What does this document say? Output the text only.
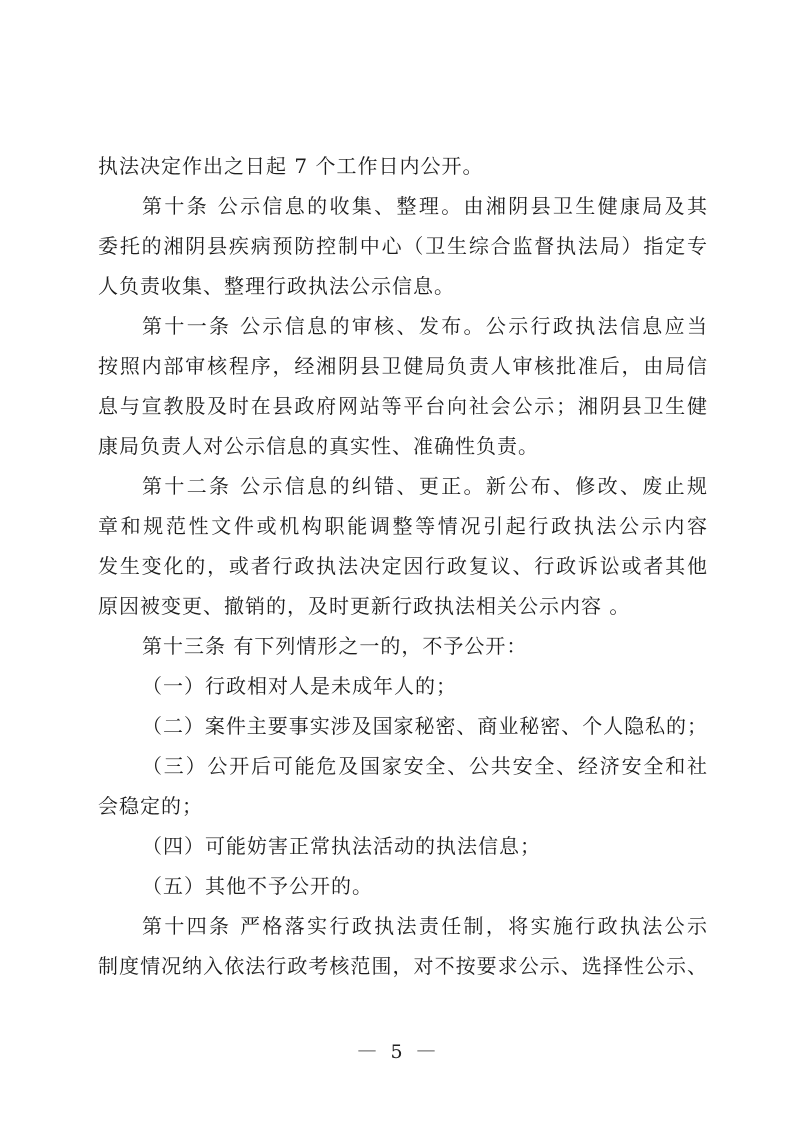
执法决定作出之日起 7 个工作日内公开。
第十条 公示信息的收集、整理。由湘阴县卫生健康局及其
委托的湘阴县疾病预防控制中心（卫生综合监督执法局）指定专
人负责收集、整理行政执法公示信息。
第十一条 公示信息的审核、发布。公示行政执法信息应当
按照内部审核程序，经湘阴县卫健局负责人审核批准后，由局信
息与宣教股及时在县政府网站等平台向社会公示；湘阴县卫生健
康局负责人对公示信息的真实性、准确性负责。
第十二条 公示信息的纠错、更正。新公布、修改、废止规
章和规范性文件或机构职能调整等情况引起行政执法公示内容
发生变化的，或者行政执法决定因行政复议、行政诉讼或者其他
原因被变更、撤销的，及时更新行政执法相关公示内容 。
第十三条 有下列情形之一的，不予公开：
（一）行政相对人是未成年人的；
（二）案件主要事实涉及国家秘密、商业秘密、个人隐私的；
（三）公开后可能危及国家安全、公共安全、经济安全和社
会稳定的；
（四）可能妨害正常执法活动的执法信息；
（五）其他不予公开的。
第十四条 严格落实行政执法责任制，将实施行政执法公示
制度情况纳入依法行政考核范围，对不按要求公示、选择性公示、
— 5 —
